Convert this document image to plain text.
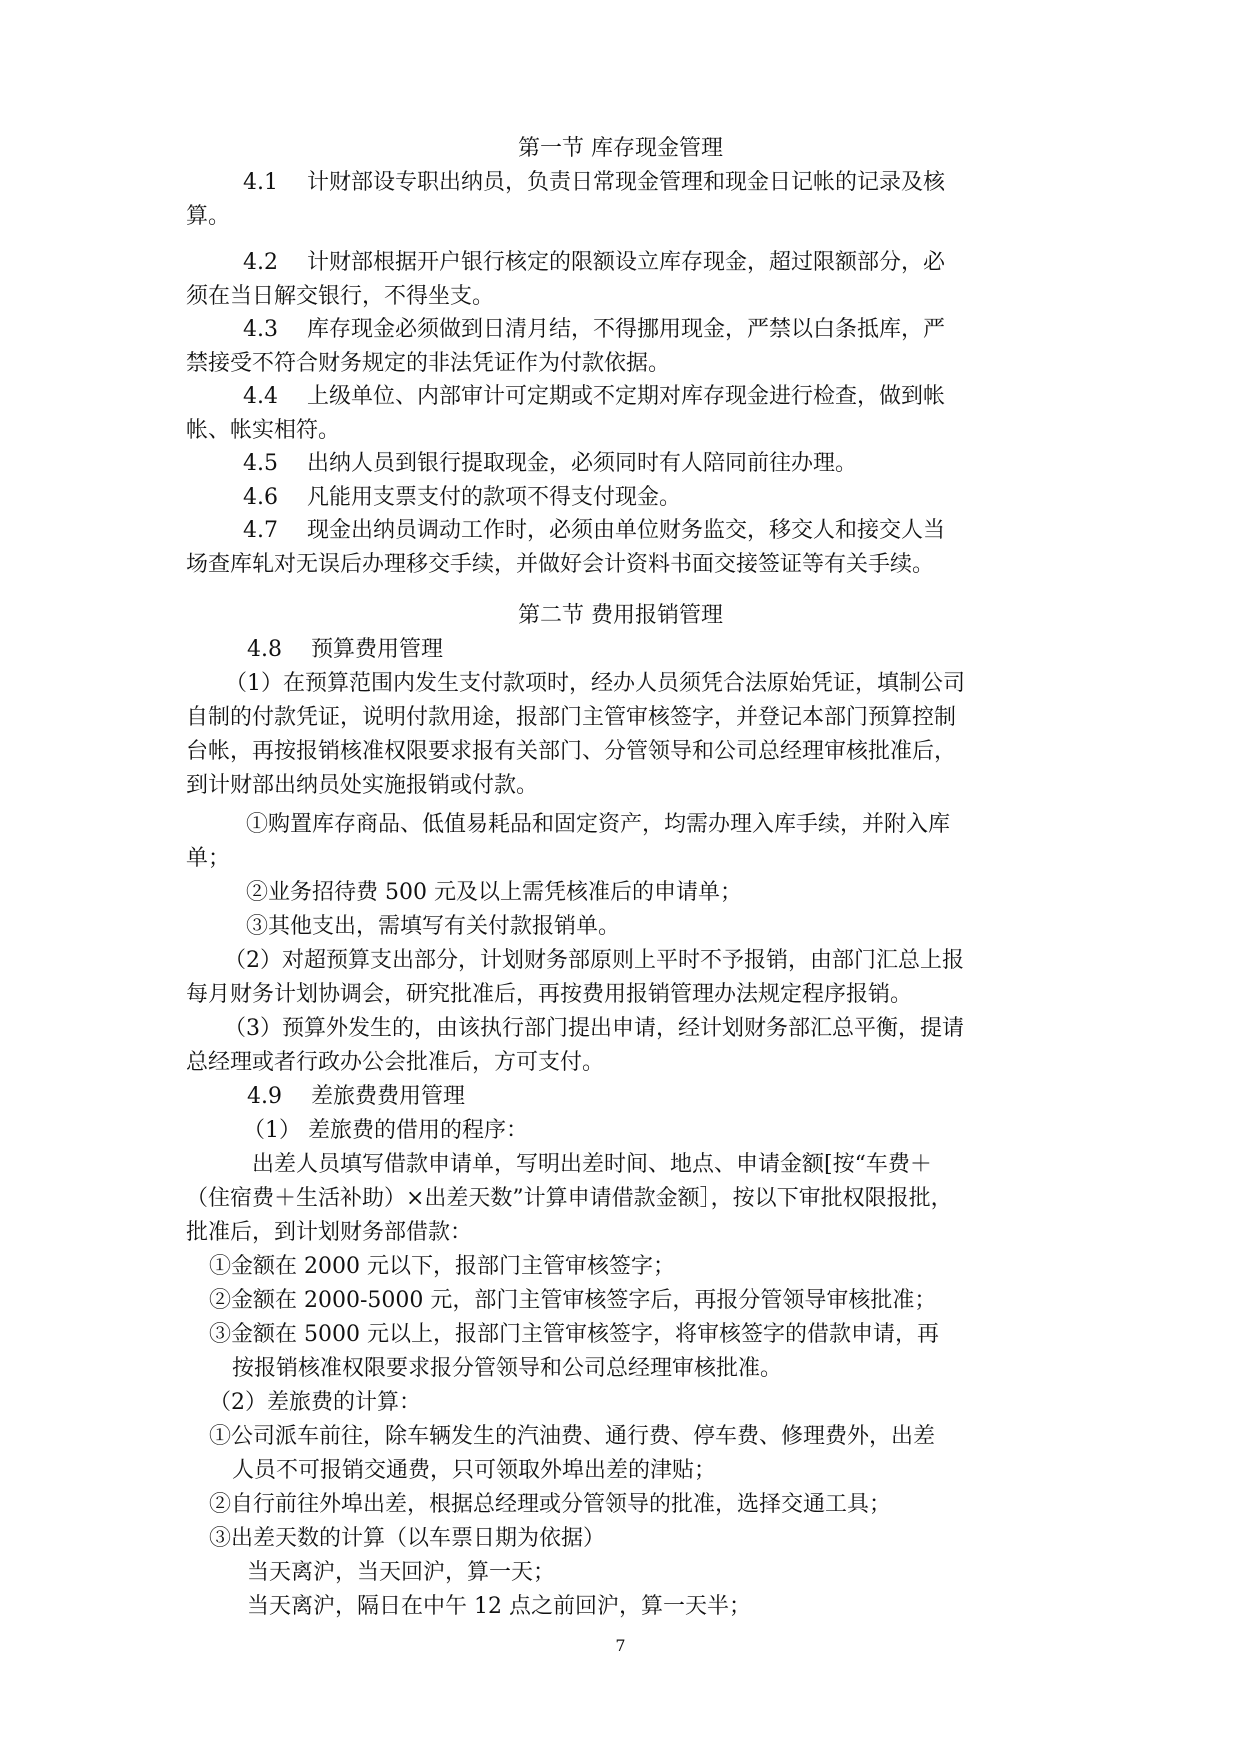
第一节 库存现金管理
4.1　 计财部设专职出纳员，负责日常现金管理和现金日记帐的记录及核
算。
4.2　 计财部根据开户银行核定的限额设立库存现金，超过限额部分，必
须在当日解交银行，不得坐支。
4.3　 库存现金必须做到日清月结，不得挪用现金，严禁以白条抵库，严
禁接受不符合财务规定的非法凭证作为付款依据。
4.4　 上级单位、内部审计可定期或不定期对库存现金进行检查，做到帐
帐、帐实相符。
4.5　 出纳人员到银行提取现金，必须同时有人陪同前往办理。
4.6　 凡能用支票支付的款项不得支付现金。
4.7　 现金出纳员调动工作时，必须由单位财务监交，移交人和接交人当
场查库轧对无误后办理移交手续，并做好会计资料书面交接签证等有关手续。
第二节 费用报销管理
4.8　 预算费用管理
（1）在预算范围内发生支付款项时，经办人员须凭合法原始凭证，填制公司
自制的付款凭证，说明付款用途，报部门主管审核签字，并登记本部门预算控制
台帐，再按报销核准权限要求报有关部门、分管领导和公司总经理审核批准后，
到计财部出纳员处实施报销或付款。
①购置库存商品、低值易耗品和固定资产，均需办理入库手续，并附入库
单；
②业务招待费 500 元及以上需凭核准后的申请单；
③其他支出，需填写有关付款报销单。
（2）对超预算支出部分，计划财务部原则上平时不予报销，由部门汇总上报
每月财务计划协调会，研究批准后，再按费用报销管理办法规定程序报销。
（3）预算外发生的，由该执行部门提出申请，经计划财务部汇总平衡，提请
总经理或者行政办公会批准后，方可支付。
4.9　 差旅费费用管理
（1） 差旅费的借用的程序：
出差人员填写借款申请单，写明出差时间、地点、申请金额[按“车费＋
（住宿费＋生活补助）×出差天数”计算申请借款金额］，按以下审批权限报批，
批准后，到计划财务部借款：
①金额在 2000 元以下，报部门主管审核签字；
②金额在 2000-5000 元，部门主管审核签字后，再报分管领导审核批准；
③金额在 5000 元以上，报部门主管审核签字，将审核签字的借款申请，再
按报销核准权限要求报分管领导和公司总经理审核批准。
（2）差旅费的计算：
①公司派车前往，除车辆发生的汽油费、通行费、停车费、修理费外，出差
人员不可报销交通费，只可领取外埠出差的津贴；
②自行前往外埠出差，根据总经理或分管领导的批准，选择交通工具；
③出差天数的计算（以车票日期为依据）
当天离沪，当天回沪，算一天；
当天离沪，隔日在中午 12 点之前回沪，算一天半；
7
